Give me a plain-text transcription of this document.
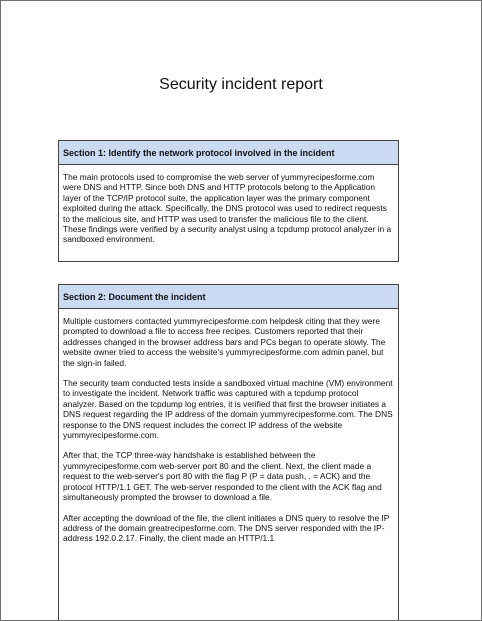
Security incident report
Section 1: Identify the network protocol involved in the incident

The main protocols used to compromise the web server of yummyrecipesforme.com were DNS and HTTP. Since both DNS and HTTP protocols belong to the Application layer of the TCP/IP protocol suite, the application layer was the primary component exploited during the attack. Specifically, the DNS protocol was used to redirect requests to the malicious site, and HTTP was used to transfer the malicious file to the client. These findings were verified by a security analyst using a tcpdump protocol analyzer in a sandboxed environment.

Section 2: Document the incident

Multiple customers contacted yummyrecipesforme.com helpdesk citing that they were prompted to download a file to access free recipes. Customers reported that their addresses changed in the browser address bars and PCs began to operate slowly. The website owner tried to access the website's yummyrecipesforme.com admin panel, but the sign-in failed.

The security team conducted tests inside a sandboxed virtual machine (VM) environment to investigate the incident. Network traffic was captured with a tcpdump protocol analyzer. Based on the tcpdump log entries, it is verified that first the browser initiates a DNS request regarding the IP address of the domain yummyrecipesforme.com. The DNS response to the DNS request includes the correct IP address of the website yummyrecipesforme.com.

After that, the TCP three-way handshake is established between the yummyrecipesforme.com web-server port 80 and the client. Next, the client made a request to the web-server's port 80 with the flag P (P = data push, . = ACK) and the protocol HTTP/1.1 GET. The web-server responded to the client with the ACK flag and simultaneously prompted the browser to download a file.

After accepting the download of the file, the client initiates a DNS query to resolve the IP address of the domain greatrecipesforme.com. The DNS server responded with the IP-address 192.0.2.17. Finally, the client made an HTTP/1.1
